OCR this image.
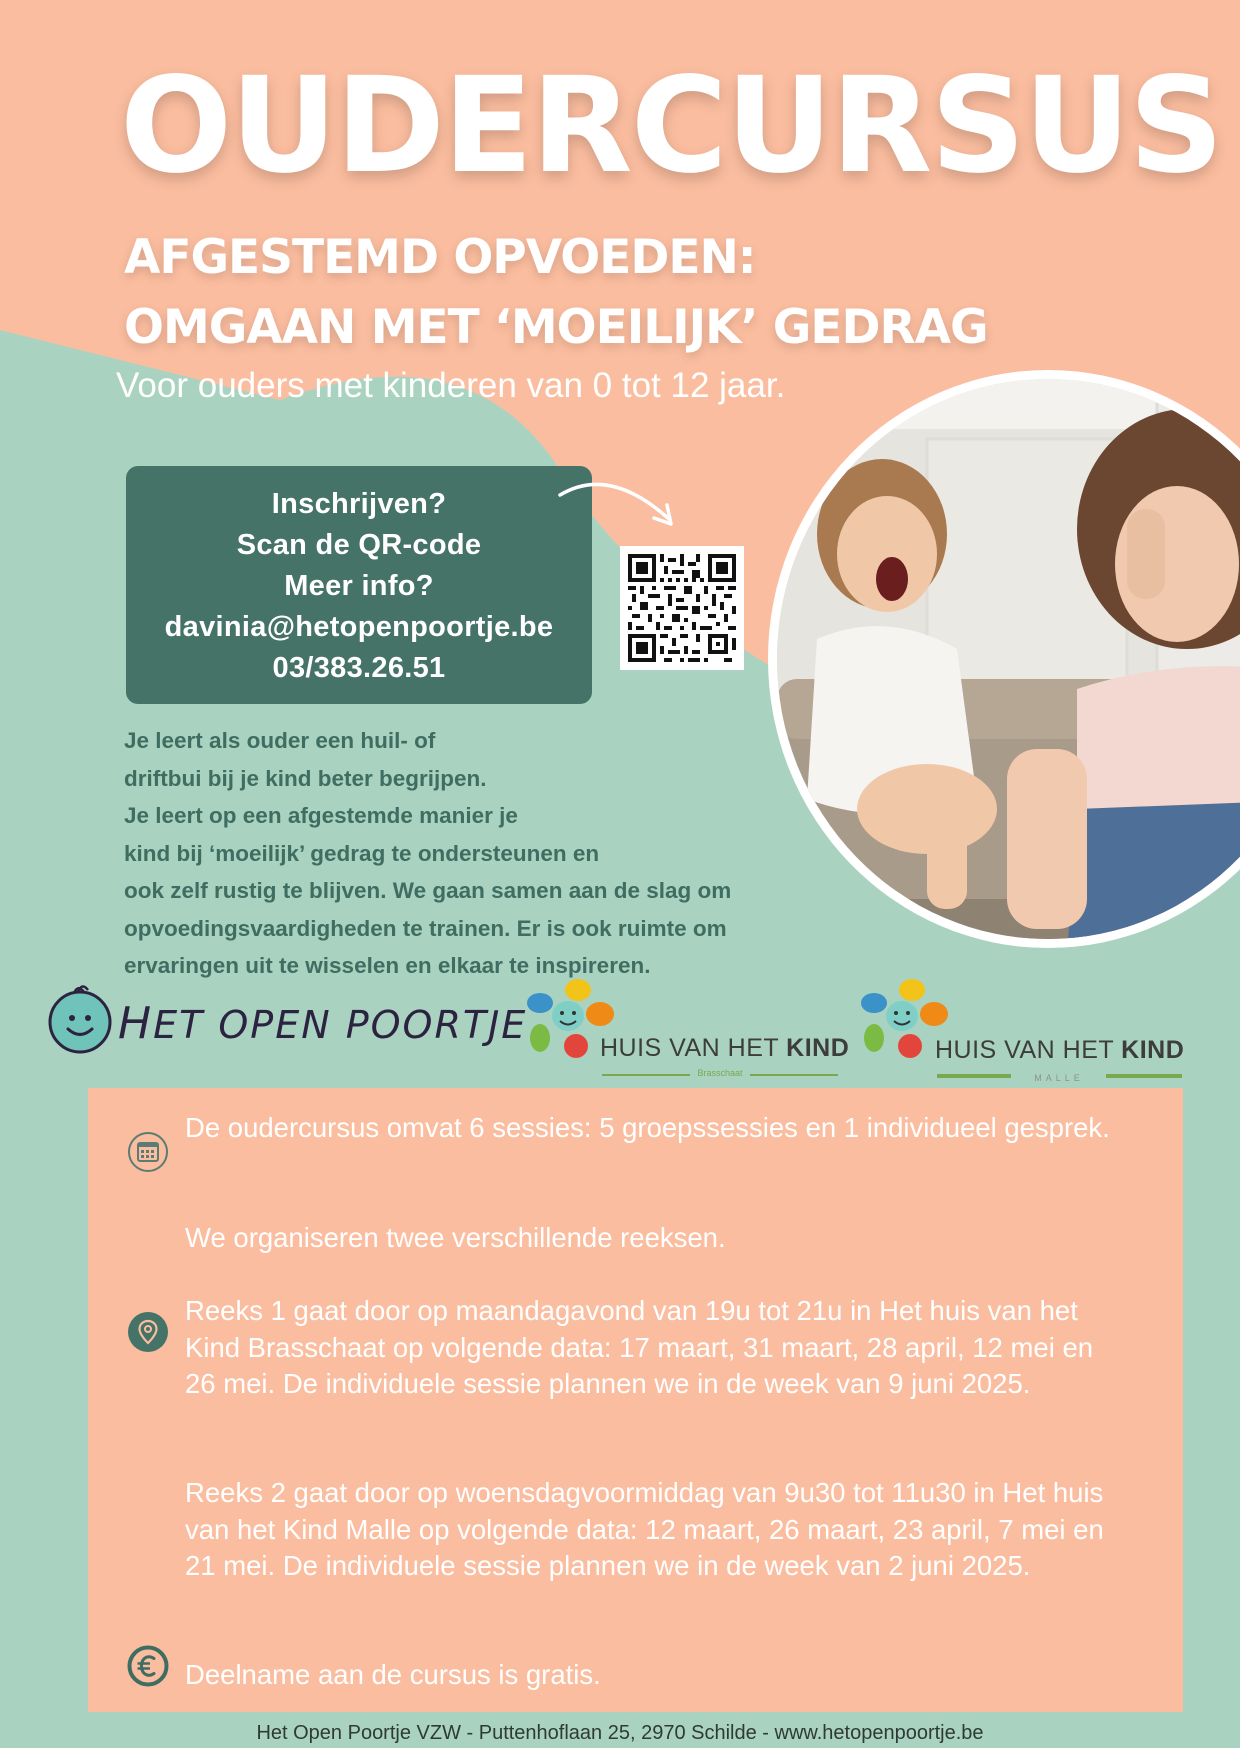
OUDERCURSUS
AFGESTEMD OPVOEDEN:
OMGAAN MET ‘MOEILIJK’ GEDRAG
Voor ouders met kinderen van 0 tot 12 jaar.
Inschrijven?
Scan de QR-code
Meer info?
davinia@hetopenpoortje.be
03/383.26.51
Je leert als ouder een huil- of
driftbui bij je kind beter begrijpen.
Je leert op een afgestemde manier je
kind bij ‘moeilijk’ gedrag te ondersteunen en
ook zelf rustig te blijven. We gaan samen aan de slag om
opvoedingsvaardigheden te trainen. Er is ook ruimte om
ervaringen uit te wisselen en elkaar te inspireren.
HET OPEN POORTJE
HUIS VAN HET KIND
Brasschaat
HUIS VAN HET KIND
MALLE
De oudercursus omvat 6 sessies: 5 groepssessies en 1 individueel gesprek.
We organiseren twee verschillende reeksen.
Reeks 1 gaat door op maandagavond van 19u tot 21u in Het huis van het Kind Brasschaat op volgende data: 17 maart, 31 maart, 28 april, 12 mei en 26 mei. De individuele sessie plannen we in de week van 9 juni 2025.
Reeks 2 gaat door op woensdagvoormiddag van 9u30 tot 11u30 in Het huis van het Kind Malle op volgende data: 12 maart, 26 maart, 23 april, 7 mei en 21 mei. De individuele sessie plannen we in de week van 2 juni 2025.
Deelname aan de cursus is gratis.
Het Open Poortje VZW - Puttenhoflaan 25, 2970 Schilde - www.hetopenpoortje.be
